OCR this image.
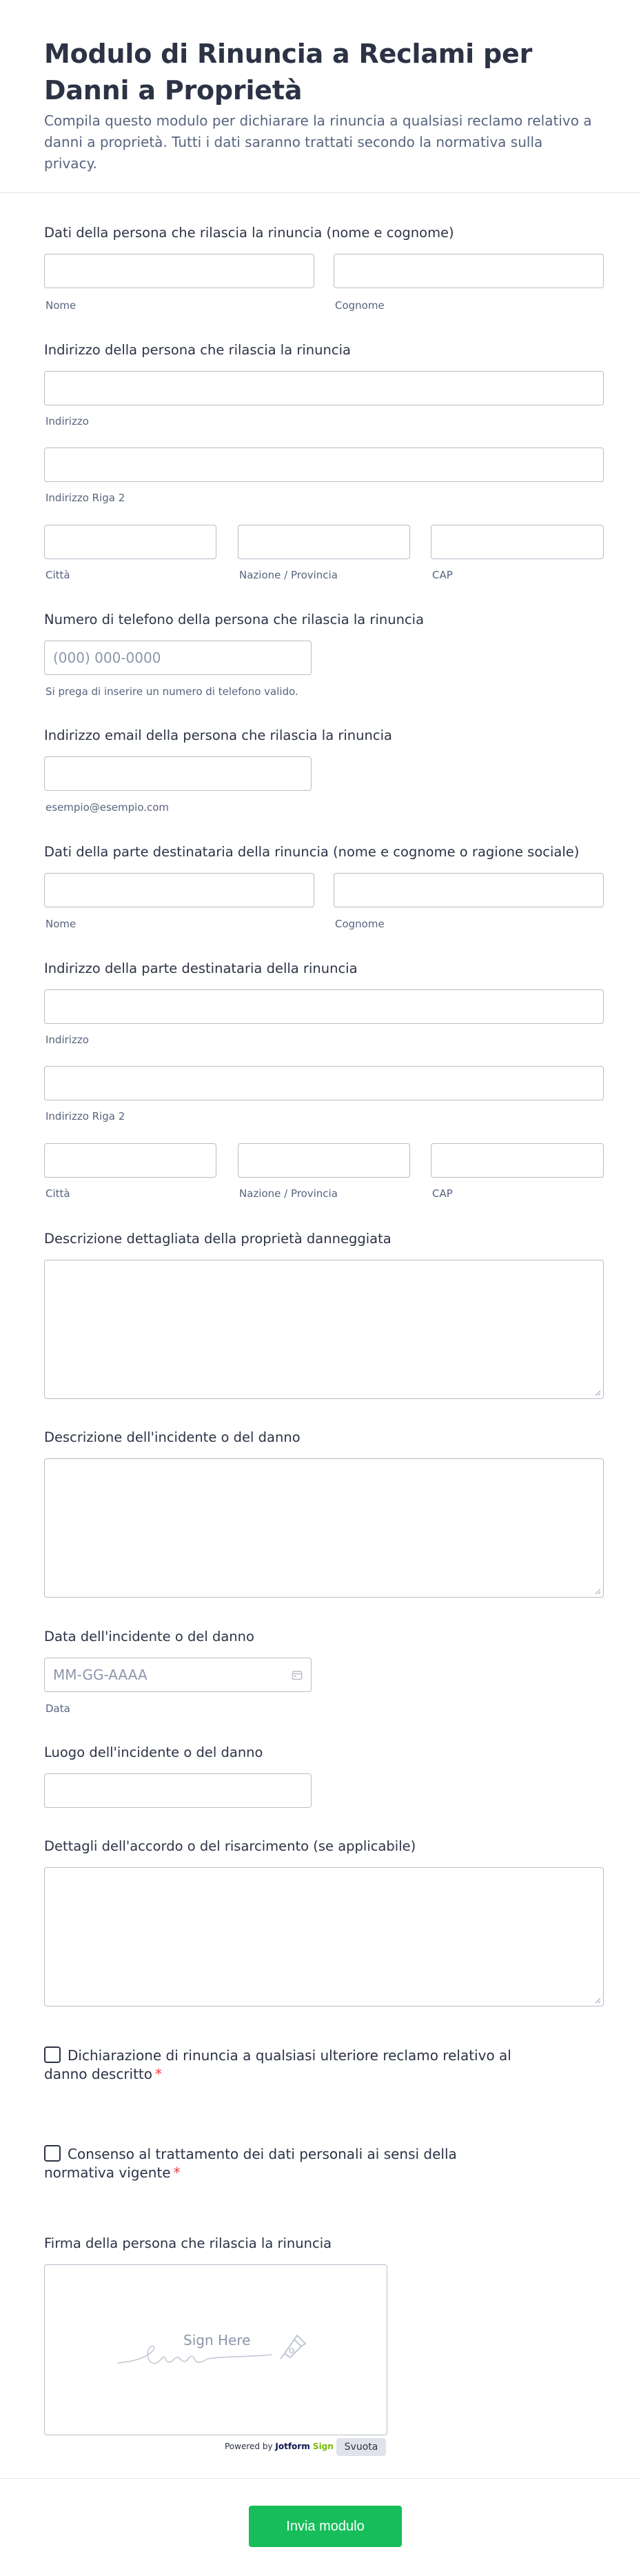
Modulo di Rinuncia a Reclami per Danni a Proprietà

Compila questo modulo per dichiarare la rinuncia a qualsiasi reclamo relativo a danni a proprietà. Tutti i dati saranno trattati secondo la normativa sulla privacy.

Dati della persona che rilascia la rinuncia (nome e cognome)
Nome	Cognome
Indirizzo della persona che rilascia la rinuncia
Indirizzo
Indirizzo Riga 2
Città	Nazione / Provincia	CAP
Numero di telefono della persona che rilascia la rinuncia
(000) 000-0000
Si prega di inserire un numero di telefono valido.
Indirizzo email della persona che rilascia la rinuncia
esempio@esempio.com
Dati della parte destinataria della rinuncia (nome e cognome o ragione sociale)
Nome	Cognome
Indirizzo della parte destinataria della rinuncia
Indirizzo
Indirizzo Riga 2
Città	Nazione / Provincia	CAP
Descrizione dettagliata della proprietà danneggiata
Descrizione dell'incidente o del danno
Data dell'incidente o del danno
MM-GG-AAAA
Data
Luogo dell'incidente o del danno
Dettagli dell'accordo o del risarcimento (se applicabile)
Dichiarazione di rinuncia a qualsiasi ulteriore reclamo relativo al danno descritto *
Consenso al trattamento dei dati personali ai sensi della normativa vigente *
Firma della persona che rilascia la rinuncia
Sign Here
Powered by Jotform Sign	Svuota
Invia modulo
